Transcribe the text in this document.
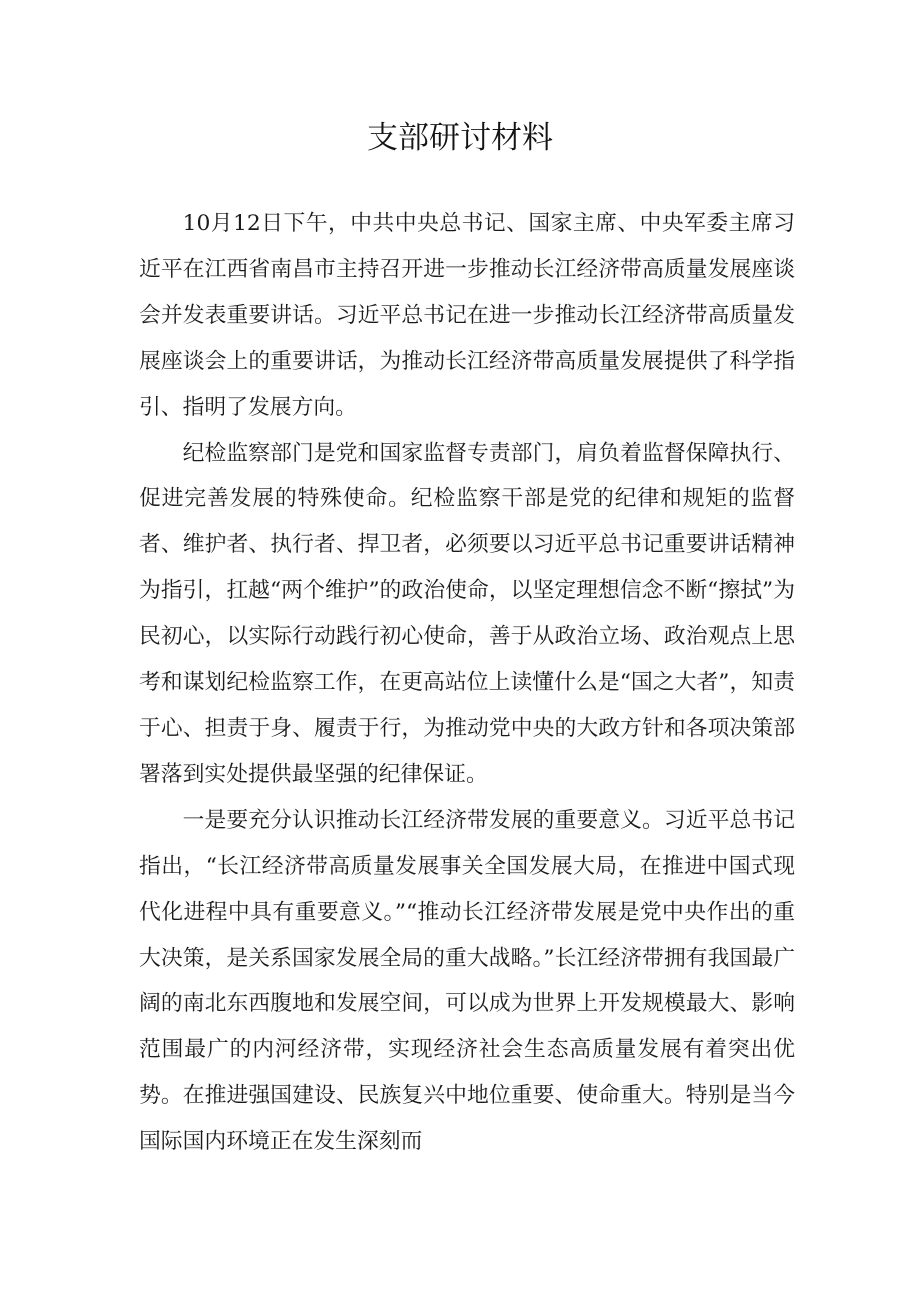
支部研讨材料

10月12日下午，中共中央总书记、国家主席、中央军委主席习近平在江西省南昌市主持召开进一步推动长江经济带高质量发展座谈会并发表重要讲话。习近平总书记在进一步推动长江经济带高质量发展座谈会上的重要讲话，为推动长江经济带高质量发展提供了科学指引、指明了发展方向。

纪检监察部门是党和国家监督专责部门，肩负着监督保障执行、促进完善发展的特殊使命。纪检监察干部是党的纪律和规矩的监督者、维护者、执行者、捍卫者，必须要以习近平总书记重要讲话精神为指引，扛越“两个维护”的政治使命，以坚定理想信念不断“擦拭”为民初心，以实际行动践行初心使命，善于从政治立场、政治观点上思考和谋划纪检监察工作，在更高站位上读懂什么是“国之大者”，知责于心、担责于身、履责于行，为推动党中央的大政方针和各项决策部署落到实处提供最坚强的纪律保证。

一是要充分认识推动长江经济带发展的重要意义。习近平总书记指出，“长江经济带高质量发展事关全国发展大局，在推进中国式现代化进程中具有重要意义。”“推动长江经济带发展是党中央作出的重大决策，是关系国家发展全局的重大战略。”长江经济带拥有我国最广阔的南北东西腹地和发展空间，可以成为世界上开发规模最大、影响范围最广的内河经济带，实现经济社会生态高质量发展有着突出优势。在推进强国建设、民族复兴中地位重要、使命重大。特别是当今国际国内环境正在发生深刻而
